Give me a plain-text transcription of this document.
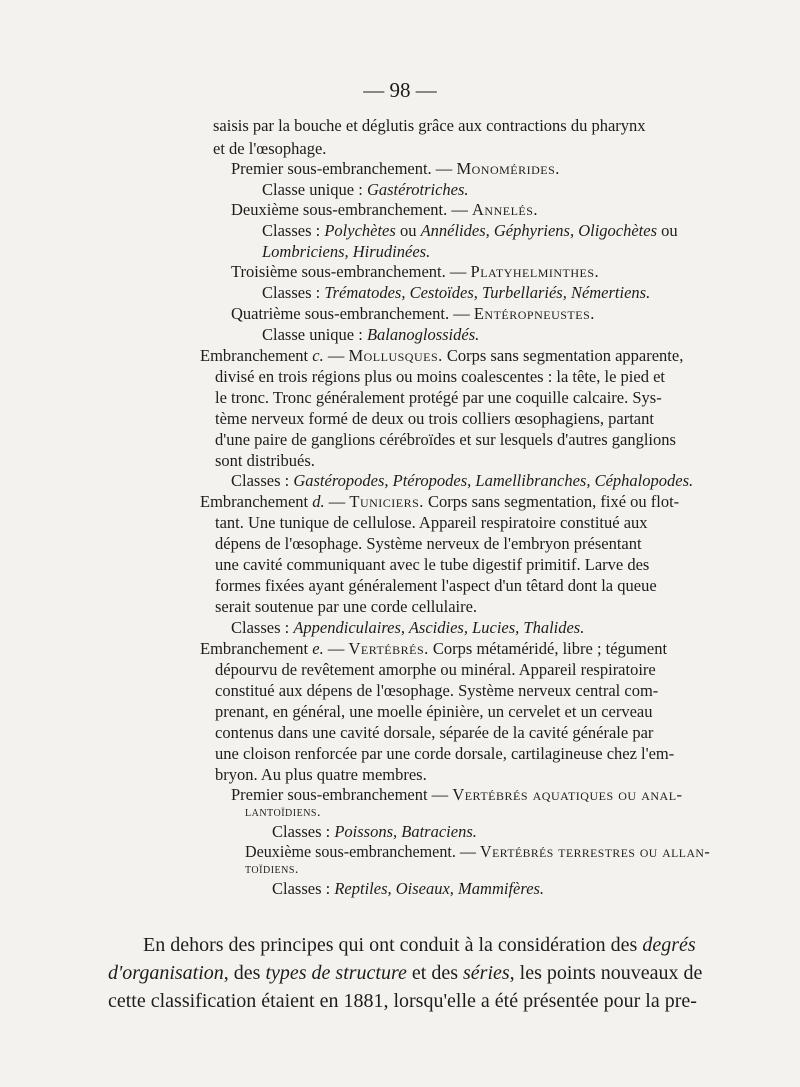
— 98 —
saisis par la bouche et déglutis grâce aux contractions du pharynx
et de l'œsophage.
Premier sous-embranchement. — Monomérides.
Classe unique : Gastérotriches.
Deuxième sous-embranchement. — Annelés.
Classes : Polychètes ou Annélides, Géphyriens, Oligochètes ou
Lombriciens, Hirudinées.
Troisième sous-embranchement. — Platyhelminthes.
Classes : Trématodes, Cestoïdes, Turbellariés, Némertiens.
Quatrième sous-embranchement. — Entéropneustes.
Classe unique : Balanoglossidés.
Embranchement c. — Mollusques. Corps sans segmentation apparente,
divisé en trois régions plus ou moins coalescentes : la tête, le pied et
le tronc. Tronc généralement protégé par une coquille calcaire. Sys-
tème nerveux formé de deux ou trois colliers œsophagiens, partant
d'une paire de ganglions cérébroïdes et sur lesquels d'autres ganglions
sont distribués.
Classes : Gastéropodes, Ptéropodes, Lamellibranches, Céphalopodes.
Embranchement d. — Tuniciers. Corps sans segmentation, fixé ou flot-
tant. Une tunique de cellulose. Appareil respiratoire constitué aux
dépens de l'œsophage. Système nerveux de l'embryon présentant
une cavité communiquant avec le tube digestif primitif. Larve des
formes fixées ayant généralement l'aspect d'un têtard dont la queue
serait soutenue par une corde cellulaire.
Classes : Appendiculaires, Ascidies, Lucies, Thalides.
Embranchement e. — Vertébrés. Corps métaméridé, libre ; tégument
dépourvu de revêtement amorphe ou minéral. Appareil respiratoire
constitué aux dépens de l'œsophage. Système nerveux central com-
prenant, en général, une moelle épinière, un cervelet et un cerveau
contenus dans une cavité dorsale, séparée de la cavité générale par
une cloison renforcée par une corde dorsale, cartilagineuse chez l'em-
bryon. Au plus quatre membres.
Premier sous-embranchement — Vertébrés aquatiques ou anal-
lantoïdiens.
Classes : Poissons, Batraciens.
Deuxième sous-embranchement. — Vertébrés terrestres ou allan-
toïdiens.
Classes : Reptiles, Oiseaux, Mammifères.
En dehors des principes qui ont conduit à la considération des degrés
d'organisation, des types de structure et des séries, les points nouveaux de
cette classification étaient en 1881, lorsqu'elle a été présentée pour la pre-
